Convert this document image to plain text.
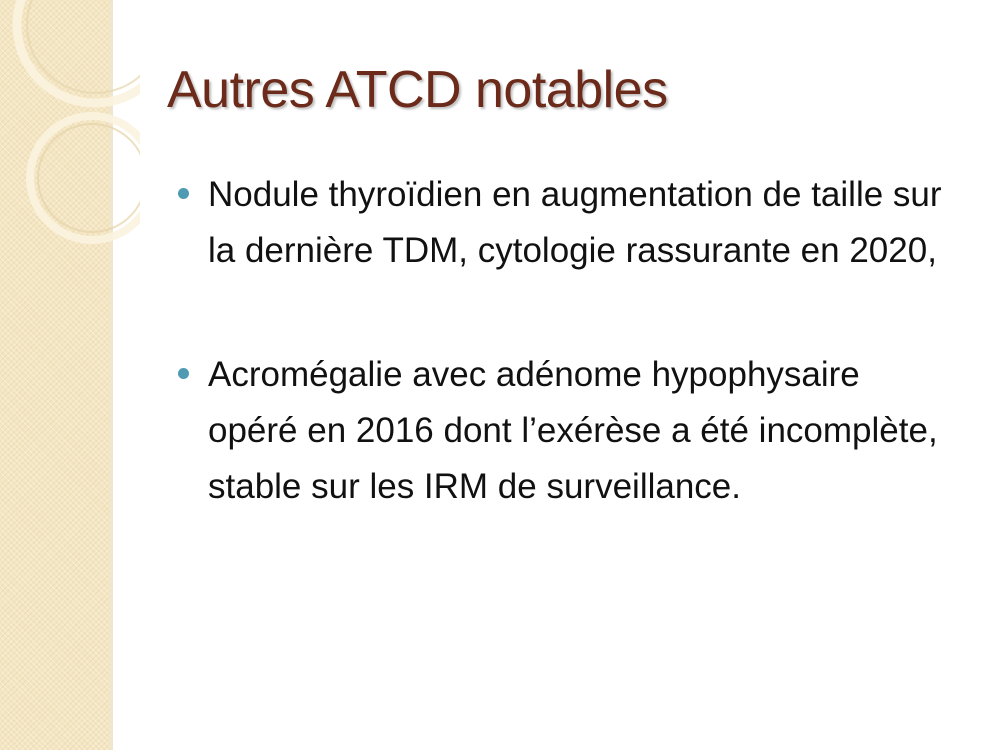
Autres ATCD notables
Nodule thyroïdien en augmentation de taille sur la dernière TDM, cytologie rassurante en 2020,
Acromégalie avec adénome hypophysaire opéré en 2016 dont l’exérèse a été incomplète, stable sur les IRM de surveillance.
